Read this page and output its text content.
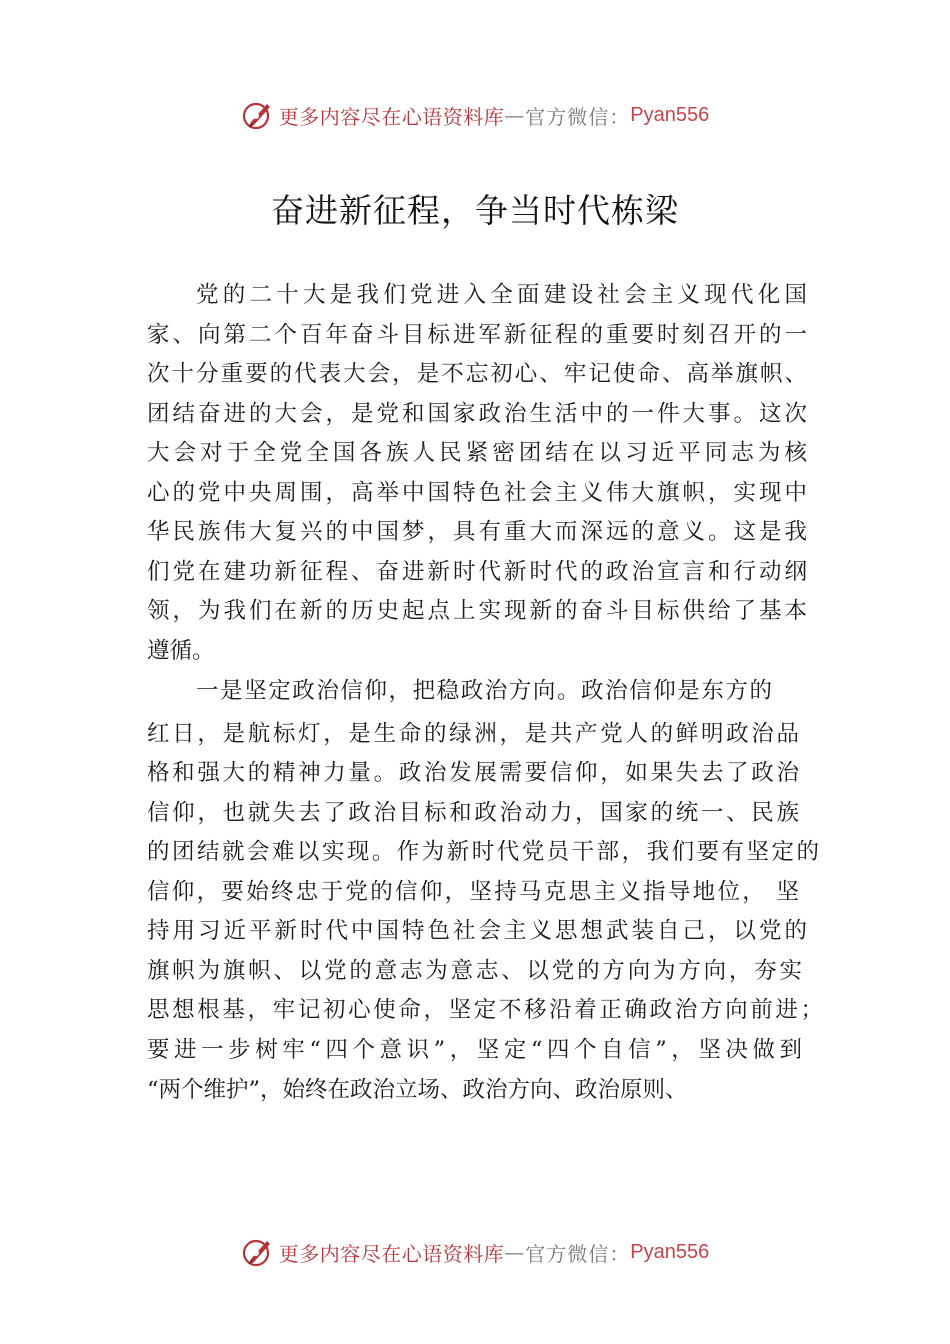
更多内容尽在心语资料库 — 官方微信： Pyan556
奋进新征程，争当时代栋梁
党的二十大是我们党进入全面建设社会主义现代化国
家、向第二个百年奋斗目标进军新征程的重要时刻召开的一
次十分重要的代表大会，是不忘初心、牢记使命、高举旗帜、
团结奋进的大会，是党和国家政治生活中的一件大事。这次
大会对于全党全国各族人民紧密团结在以习近平同志为核
心的党中央周围，高举中国特色社会主义伟大旗帜，实现中
华民族伟大复兴的中国梦，具有重大而深远的意义。这是我
们党在建功新征程、奋进新时代新时代的政治宣言和行动纲
领，为我们在新的历史起点上实现新的奋斗目标供给了基本
遵循。
一是坚定政治信仰，把稳政治方向。政治信仰是东方的
红日，是航标灯，是生命的绿洲，是共产党人的鲜明政治品
格和强大的精神力量。政治发展需要信仰，如果失去了政治
信仰，也就失去了政治目标和政治动力，国家的统一、民族
的团结就会难以实现。作为新时代党员干部，我们要有坚定的
信仰，要始终忠于党的信仰，坚持马克思主义指导地位， 坚
持用习近平新时代中国特色社会主义思想武装自己，以党的
旗帜为旗帜、以党的意志为意志、以党的方向为方向，夯实
思想根基，牢记初心使命，坚定不移沿着正确政治方向前进；
要进一步树牢“四个意识”，坚定“四个自信”，坚决做到
“两个维护”，始终在政治立场、政治方向、政治原则、
更多内容尽在心语资料库 — 官方微信： Pyan556
